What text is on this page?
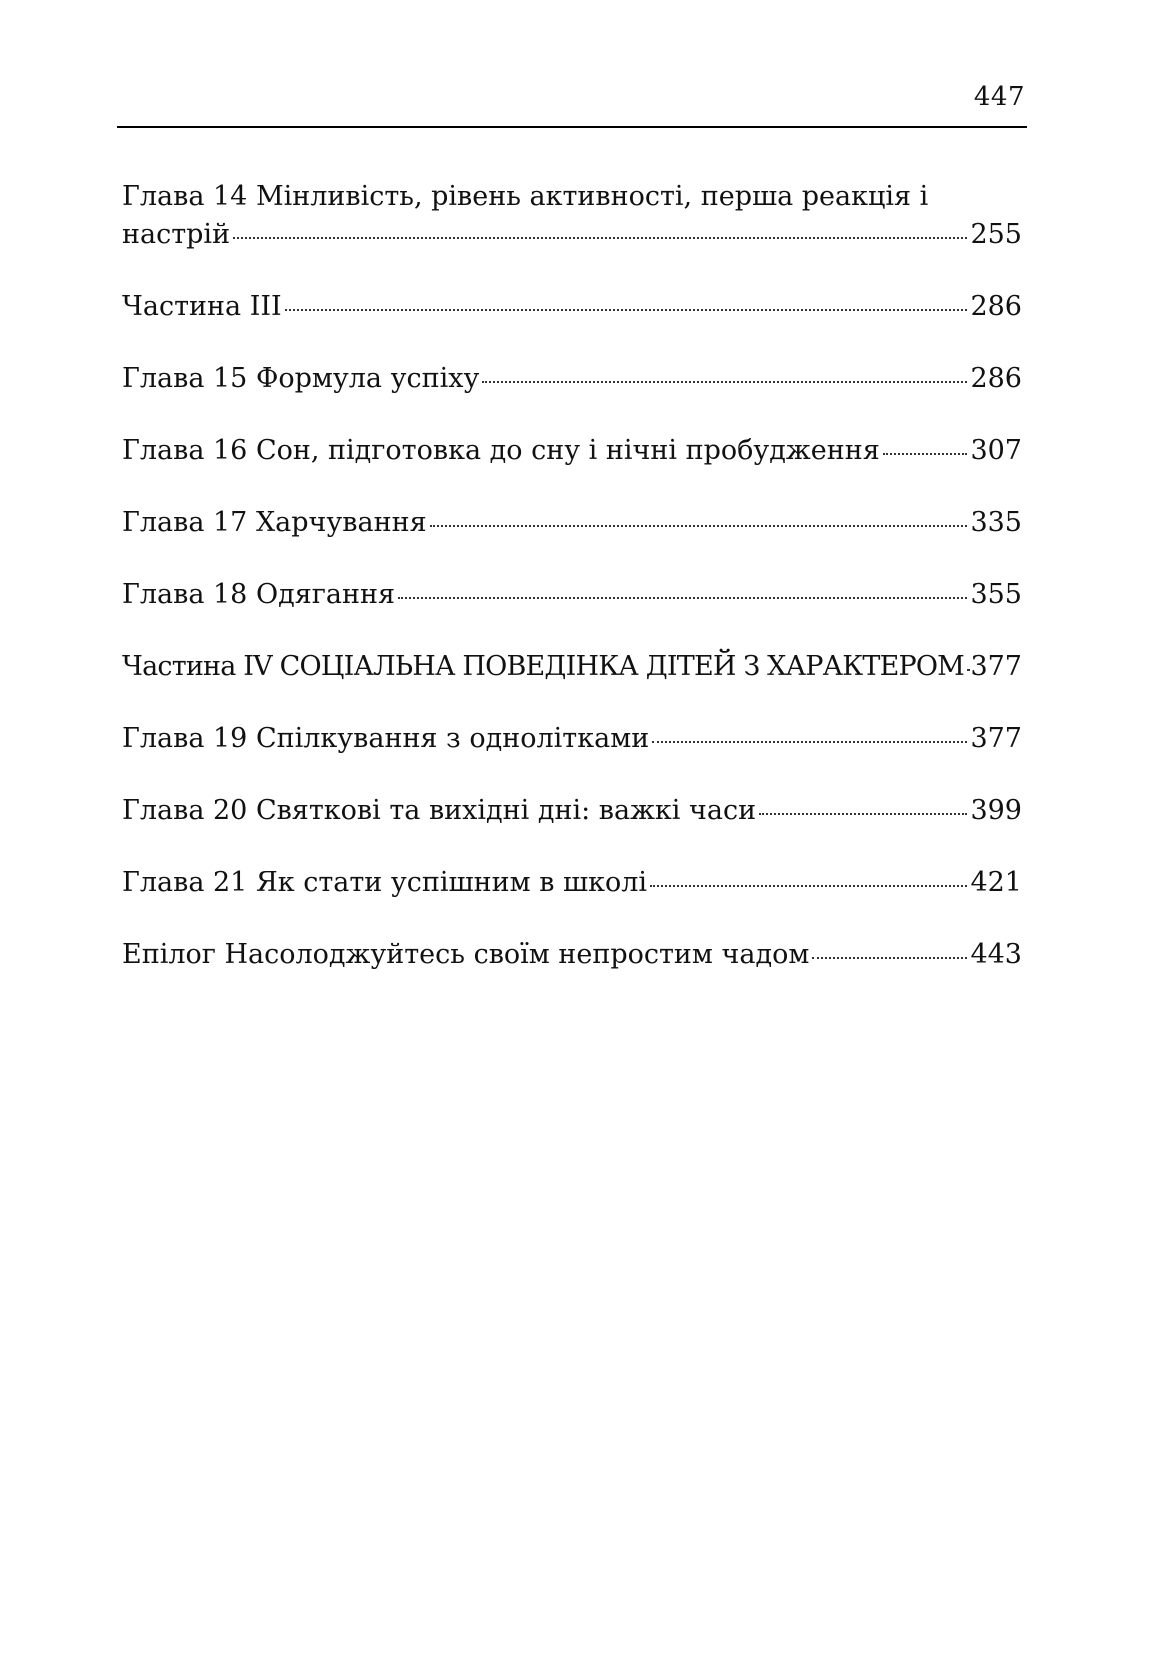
447
Глава 14 Мінливість, рівень активності, перша реакція і
настрій	255
Частина III	286
Глава 15 Формула успіху	286
Глава 16 Сон, підготовка до сну і нічні пробудження	307
Глава 17 Харчування	335
Глава 18 Одягання	355
Частина IV СОЦІАЛЬНА ПОВЕДІНКА ДІТЕЙ З ХАРАКТЕРОМ 377
Глава 19 Спілкування з однолітками	377
Глава 20 Святкові та вихідні дні: важкі часи	399
Глава 21 Як стати успішним в школі	421
Епілог Насолоджуйтесь своїм непростим чадом	443
